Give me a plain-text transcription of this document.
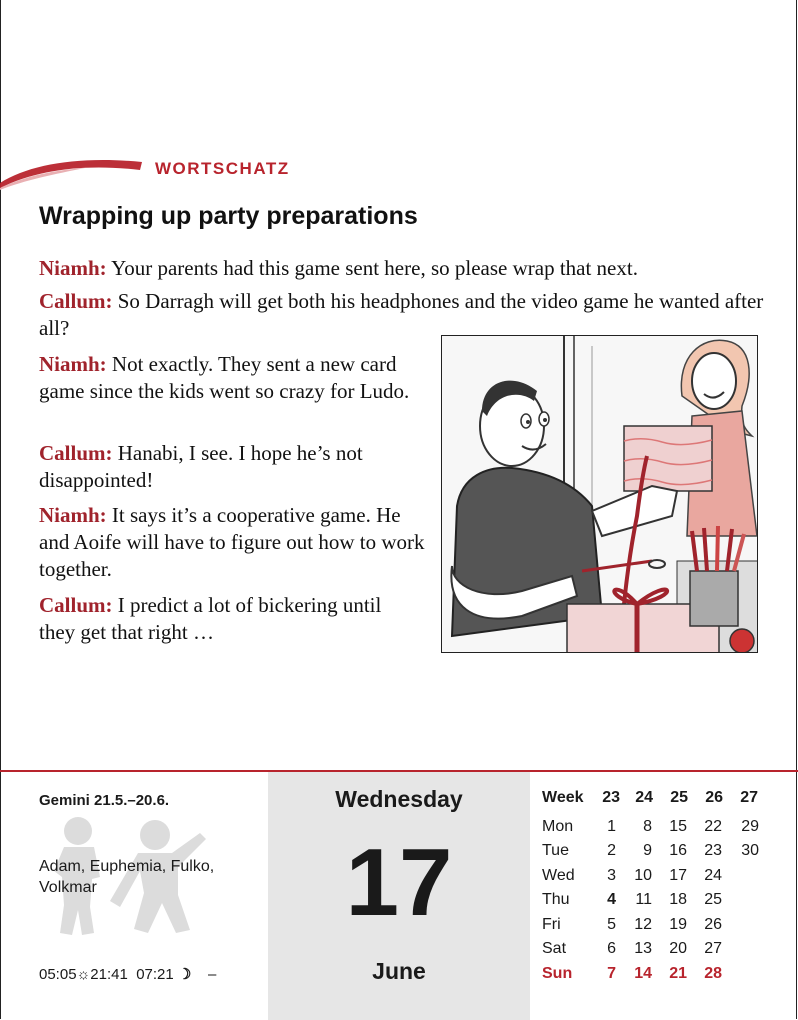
WORTSCHATZ
Wrapping up party preparations
Niamh: Your parents had this game sent here, so please wrap that next.
Callum: So Darragh will get both his headphones and the video game he wanted after all?
Niamh: Not exactly. They sent a new card game since the kids went so crazy for Ludo.
Callum: Hanabi, I see. I hope he’s not disappointed!
Niamh: It says it’s a cooperative game. He and Aoife will have to figure out how to work together.
Callum: I predict a lot of bickering until they get that right …
Gemini 21.5.–20.6.
Adam, Euphemia, Fulko, Volkmar
05:05☼21:41 07:21 ☽ –
Wednesday
17
June
Week	23 24	25	26	27
Mon	1	8	15	22	29
Tue	2	9	16	23	30
Wed	3	10	17	24
Thu	4	11	18	25
Fri	5	12	19	26
Sat	6	13	20	27
Sun	7	14	21	28
